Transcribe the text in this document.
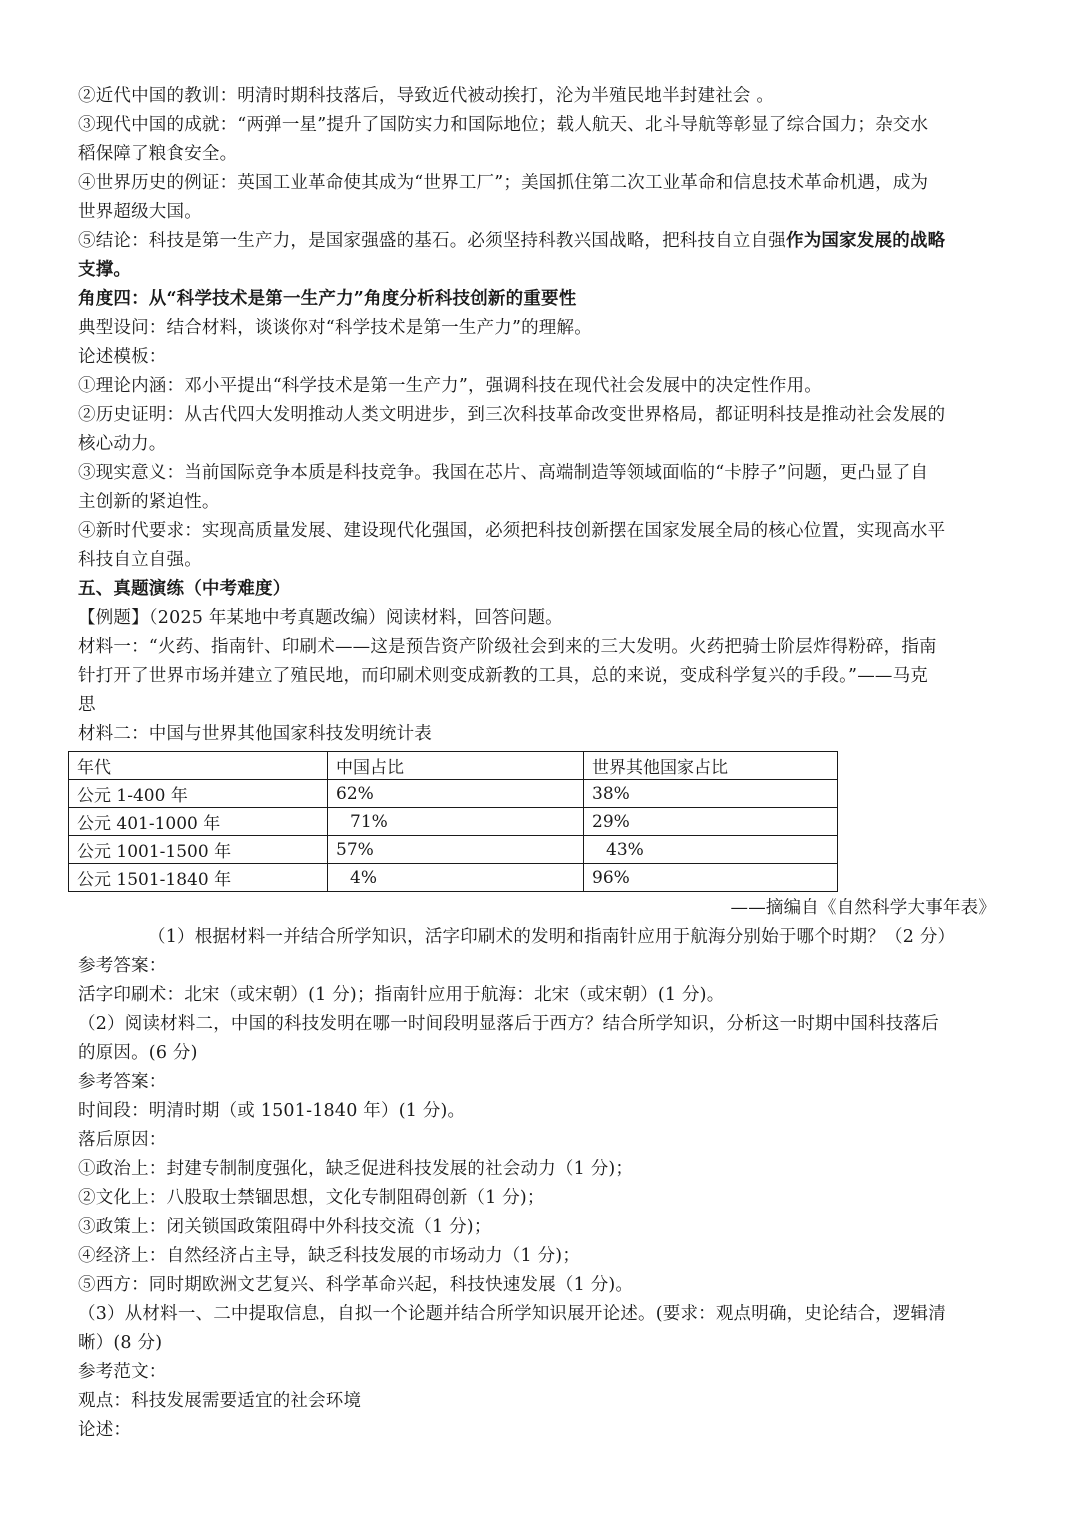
②近代中国的教训：明清时期科技落后，导致近代被动挨打，沦为半殖民地半封建社会 。
③现代中国的成就：“两弹一星”提升了国防实力和国际地位；载人航天、北斗导航等彰显了综合国力；杂交水
稻保障了粮食安全。
④世界历史的例证：英国工业革命使其成为“世界工厂”；美国抓住第二次工业革命和信息技术革命机遇，成为
世界超级大国。
⑤结论：科技是第一生产力，是国家强盛的基石。必须坚持科教兴国战略，把科技自立自强作为国家发展的战略
支撑。
角度四：从“科学技术是第一生产力”角度分析科技创新的重要性
典型设问：结合材料，谈谈你对“科学技术是第一生产力”的理解。
论述模板：
①理论内涵：邓小平提出“科学技术是第一生产力”，强调科技在现代社会发展中的决定性作用。
②历史证明：从古代四大发明推动人类文明进步，到三次科技革命改变世界格局，都证明科技是推动社会发展的
核心动力。
③现实意义：当前国际竞争本质是科技竞争。我国在芯片、高端制造等领域面临的“卡脖子”问题，更凸显了自
主创新的紧迫性。
④新时代要求：实现高质量发展、建设现代化强国，必须把科技创新摆在国家发展全局的核心位置，实现高水平
科技自立自强。
五、真题演练（中考难度）
【例题】（2025 年某地中考真题改编）阅读材料，回答问题。
材料一：“火药、指南针、印刷术——这是预告资产阶级社会到来的三大发明。火药把骑士阶层炸得粉碎，指南
针打开了世界市场并建立了殖民地，而印刷术则变成新教的工具，总的来说，变成科学复兴的手段。”——马克
思
材料二：中国与世界其他国家科技发明统计表
年代	中国占比	世界其他国家占比
公元 1-400 年	62%	38%
公元 401-1000 年	71%	29%
公元 1001-1500 年	57%	43%
公元 1501-1840 年	4%	96%
——摘编自《自然科学大事年表》
（1）根据材料一并结合所学知识，活字印刷术的发明和指南针应用于航海分别始于哪个时期？（2 分）
参考答案：
活字印刷术：北宋（或宋朝）(1 分)；指南针应用于航海：北宋（或宋朝）(1 分)。
（2）阅读材料二，中国的科技发明在哪一时间段明显落后于西方？结合所学知识，分析这一时期中国科技落后
的原因。(6 分)
参考答案：
时间段：明清时期（或 1501-1840 年）(1 分)。
落后原因：
①政治上：封建专制制度强化，缺乏促进科技发展的社会动力（1 分)；
②文化上：八股取士禁锢思想，文化专制阻碍创新（1 分)；
③政策上：闭关锁国政策阻碍中外科技交流（1 分)；
④经济上：自然经济占主导，缺乏科技发展的市场动力（1 分)；
⑤西方：同时期欧洲文艺复兴、科学革命兴起，科技快速发展（1 分)。
（3）从材料一、二中提取信息，自拟一个论题并结合所学知识展开论述。(要求：观点明确，史论结合，逻辑清
晰）(8 分)
参考范文：
观点：科技发展需要适宜的社会环境
论述：
